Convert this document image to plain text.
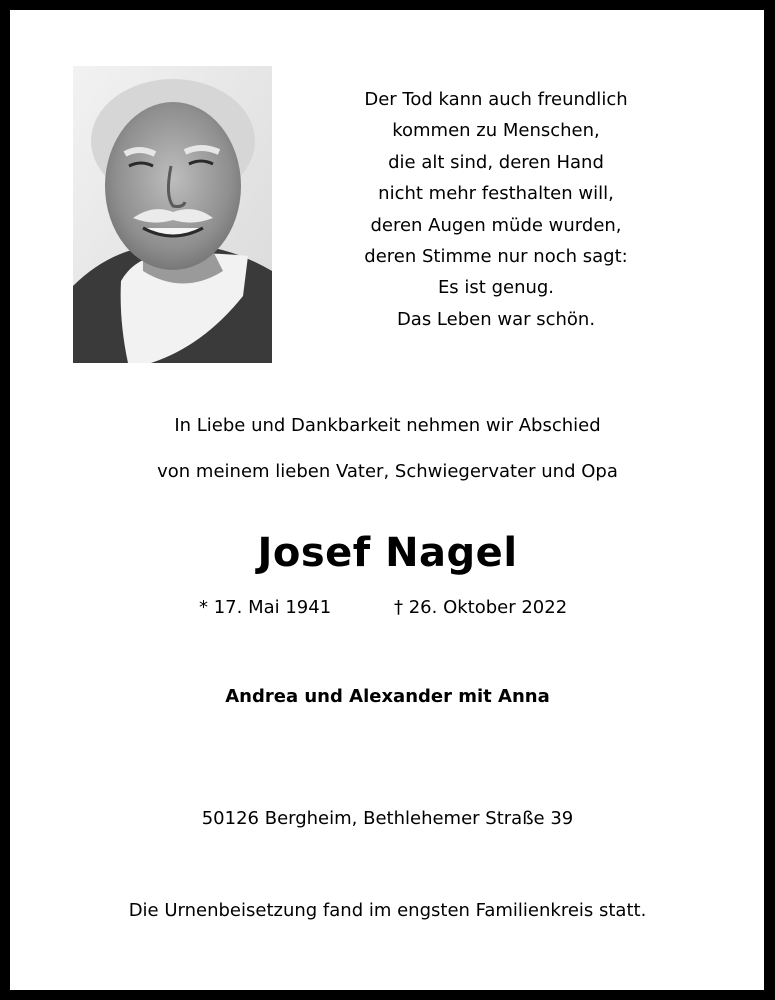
Der Tod kann auch freundlich
kommen zu Menschen,
die alt sind, deren Hand
nicht mehr festhalten will,
deren Augen müde wurden,
deren Stimme nur noch sagt:
Es ist genug.
Das Leben war schön.
In Liebe und Dankbarkeit nehmen wir Abschied
von meinem lieben Vater, Schwiegervater und Opa
Josef Nagel
* 17. Mai 1941	† 26. Oktober 2022
Andrea und Alexander mit Anna
50126 Bergheim, Bethlehemer Straße 39
Die Urnenbeisetzung fand im engsten Familienkreis statt.
